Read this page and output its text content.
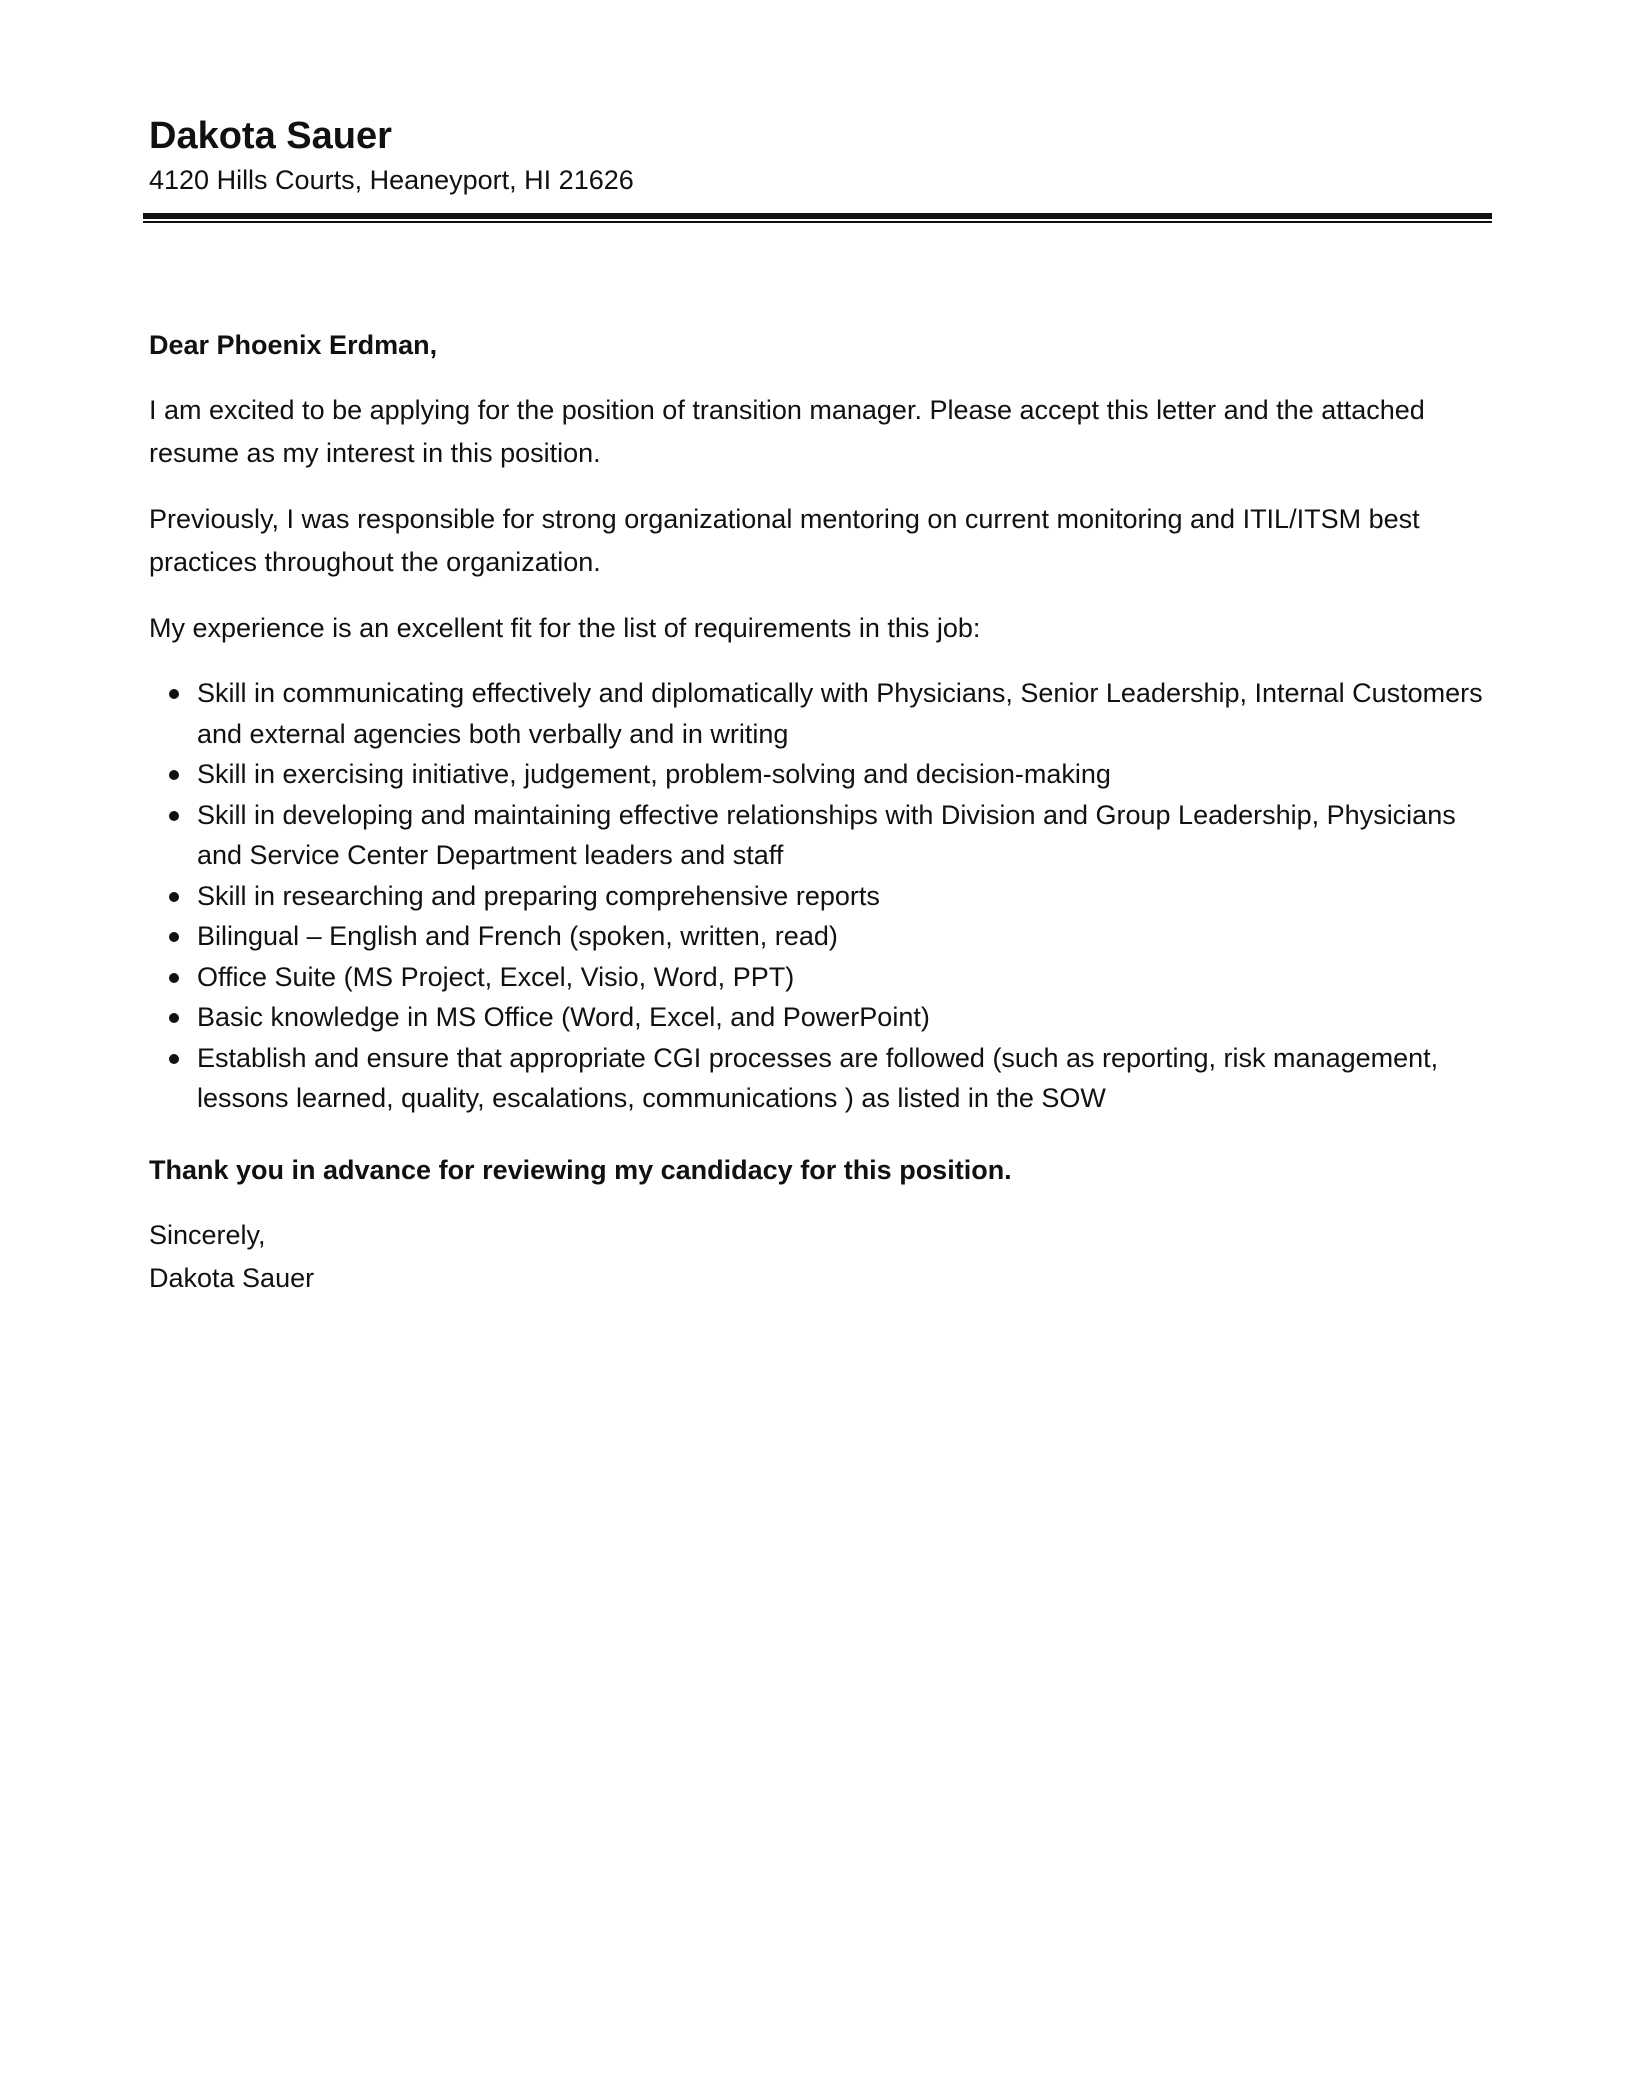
Dakota Sauer

4120 Hills Courts, Heaneyport, HI 21626

Dear Phoenix Erdman,

I am excited to be applying for the position of transition manager. Please accept this letter and the attached resume as my interest in this position.

Previously, I was responsible for strong organizational mentoring on current monitoring and ITIL/ITSM best practices throughout the organization.

My experience is an excellent fit for the list of requirements in this job:

Skill in communicating effectively and diplomatically with Physicians, Senior Leadership, Internal Customers and external agencies both verbally and in writing
Skill in exercising initiative, judgement, problem-solving and decision-making
Skill in developing and maintaining effective relationships with Division and Group Leadership, Physicians and Service Center Department leaders and staff
Skill in researching and preparing comprehensive reports
Bilingual – English and French (spoken, written, read)
Office Suite (MS Project, Excel, Visio, Word, PPT)
Basic knowledge in MS Office (Word, Excel, and PowerPoint)
Establish and ensure that appropriate CGI processes are followed (such as reporting, risk management, lessons learned, quality, escalations, communications ) as listed in the SOW

Thank you in advance for reviewing my candidacy for this position.

Sincerely,

Dakota Sauer
